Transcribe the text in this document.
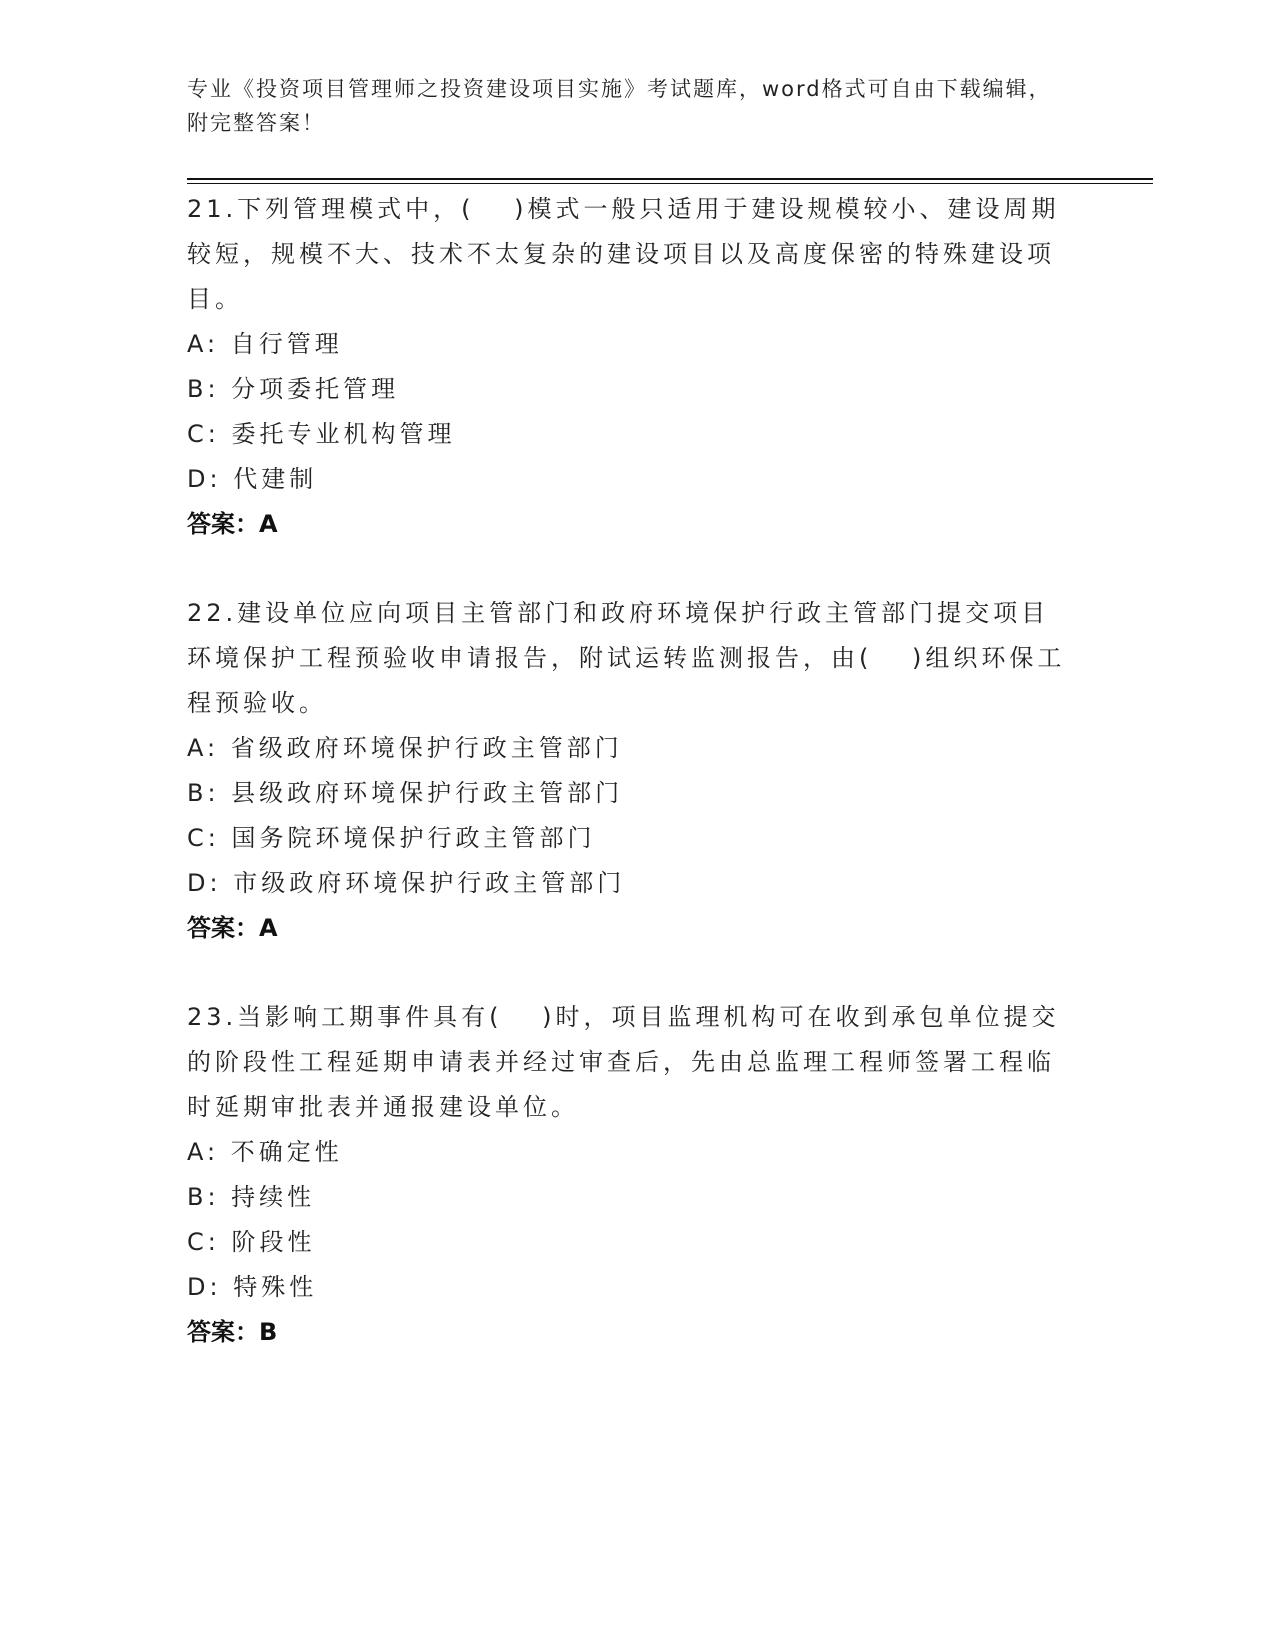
专业《投资项目管理师之投资建设项目实施》考试题库，word格式可自由下载编辑，附完整答案！

21.下列管理模式中，(　 )模式一般只适用于建设规模较小、建设周期较短，规模不大、技术不太复杂的建设项目以及高度保密的特殊建设项目。

A: 自行管理

B: 分项委托管理

C: 委托专业机构管理

D: 代建制

答案：A

22.建设单位应向项目主管部门和政府环境保护行政主管部门提交项目环境保护工程预验收申请报告，附试运转监测报告，由(　 )组织环保工程预验收。

A: 省级政府环境保护行政主管部门

B: 县级政府环境保护行政主管部门

C: 国务院环境保护行政主管部门

D: 市级政府环境保护行政主管部门

答案：A

23.当影响工期事件具有(　 )时，项目监理机构可在收到承包单位提交的阶段性工程延期申请表并经过审查后，先由总监理工程师签署工程临时延期审批表并通报建设单位。

A: 不确定性

B: 持续性

C: 阶段性

D: 特殊性

答案：B
